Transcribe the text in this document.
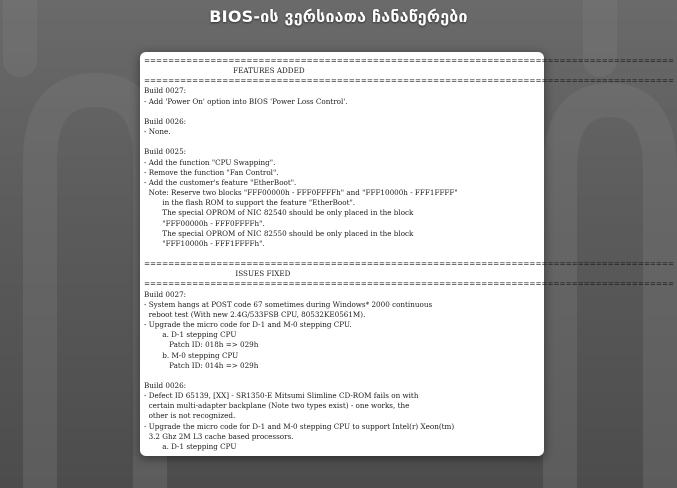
BIOS-ის ვერსიათა ჩანაწერები
========================================================================================
FEATURES ADDED
========================================================================================
Build 0027:
- Add 'Power On' option into BIOS 'Power Loss Control'.

Build 0026:
- None.

Build 0025:
- Add the function "CPU Swapping".
- Remove the function "Fan Control".
- Add the customer's feature "EtherBoot".
Note: Reserve two blocks "FFF00000h - FFF0FFFFh" and "FFF10000h - FFF1FFFF"
in the flash ROM to support the feature "EtherBoot".
The special OPROM of NIC 82540 should be only placed in the block
"FFF00000h - FFF0FFFFh".
The special OPROM of NIC 82550 should be only placed in the block
"FFF10000h - FFF1FFFFh".

========================================================================================
ISSUES FIXED
========================================================================================
Build 0027:
- System hangs at POST code 67 sometimes during Windows* 2000 continuous
reboot test (With new 2.4G/533FSB CPU, 80532KE0561M).
- Upgrade the micro code for D-1 and M-0 stepping CPU.
a. D-1 stepping CPU
Patch ID: 018h => 029h
b. M-0 stepping CPU
Patch ID: 014h => 029h

Build 0026:
- Defect ID 65139, [XX] - SR1350-E Mitsumi Slimline CD-ROM fails on with
certain multi-adapter backplane (Note two types exist) - one works, the
other is not recognized.
- Upgrade the micro code for D-1 and M-0 stepping CPU to support Intel(r) Xeon(tm)
3.2 Ghz 2M L3 cache based processors.
a. D-1 stepping CPU
